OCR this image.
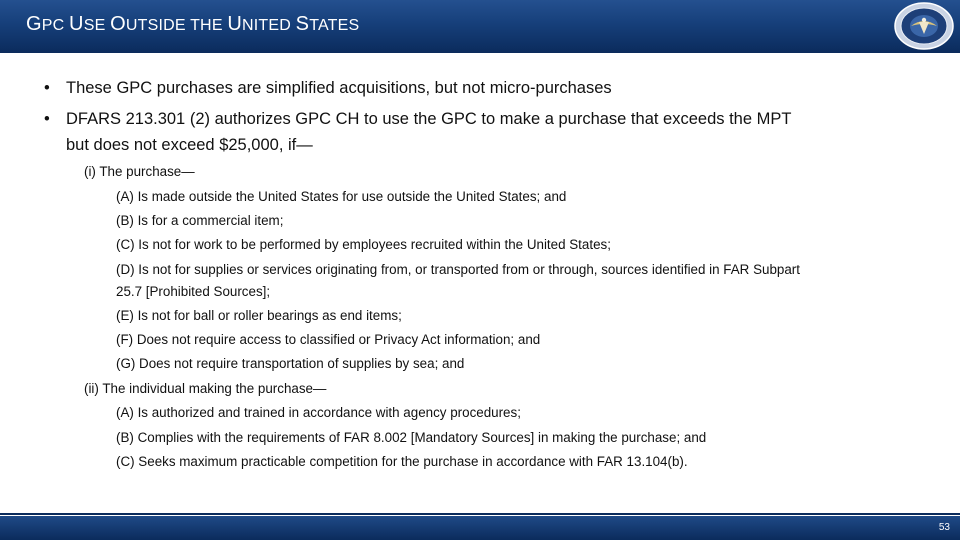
GPC USE OUTSIDE THE UNITED STATES
• These GPC purchases are simplified acquisitions, but not micro-purchases
• DFARS 213.301 (2) authorizes GPC CH to use the GPC to make a purchase that exceeds the MPT
but does not exceed $25,000, if—
(i) The purchase—
(A) Is made outside the United States for use outside the United States; and
(B) Is for a commercial item;
(C) Is not for work to be performed by employees recruited within the United States;
(D) Is not for supplies or services originating from, or transported from or through, sources identified in FAR Subpart
25.7 [Prohibited Sources];
(E) Is not for ball or roller bearings as end items;
(F) Does not require access to classified or Privacy Act information; and
(G) Does not require transportation of supplies by sea; and
(ii) The individual making the purchase—
(A) Is authorized and trained in accordance with agency procedures;
(B) Complies with the requirements of FAR 8.002 [Mandatory Sources] in making the purchase; and
(C) Seeks maximum practicable competition for the purchase in accordance with FAR 13.104(b).
53
